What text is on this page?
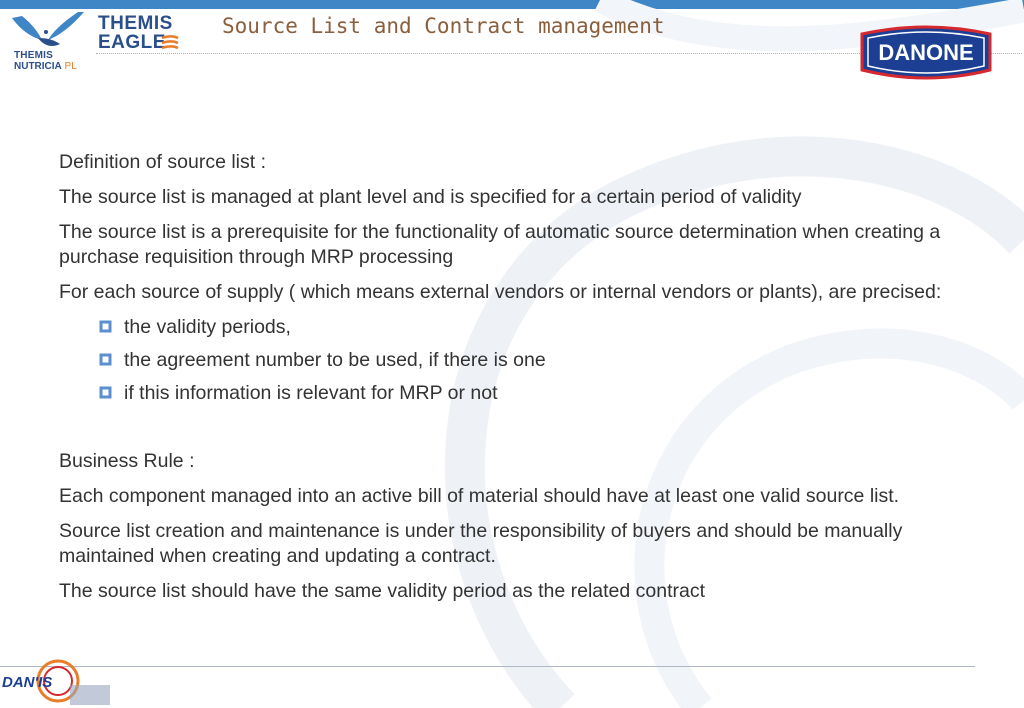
THEMIS
NUTRICIA PL
THEMIS
EAGLE
Source List and Contract management
DANONE

Definition of source list :

The source list is managed at plant level and is specified for a certain period of validity

The source list is a prerequisite for the functionality of automatic source determination when creating a purchase requisition through MRP processing

For each source of supply ( which means external vendors or internal vendors or plants), are precised:

the validity periods,
the agreement number to be used, if there is one
if this information is relevant for MRP or not

Business Rule :

Each component managed into an active bill of material should have at least one valid source list.

Source list creation and maintenance is under the responsibility of buyers and should be manually maintained when creating and updating a contract.

The source list should have the same validity period as the related contract

DAN'IS
